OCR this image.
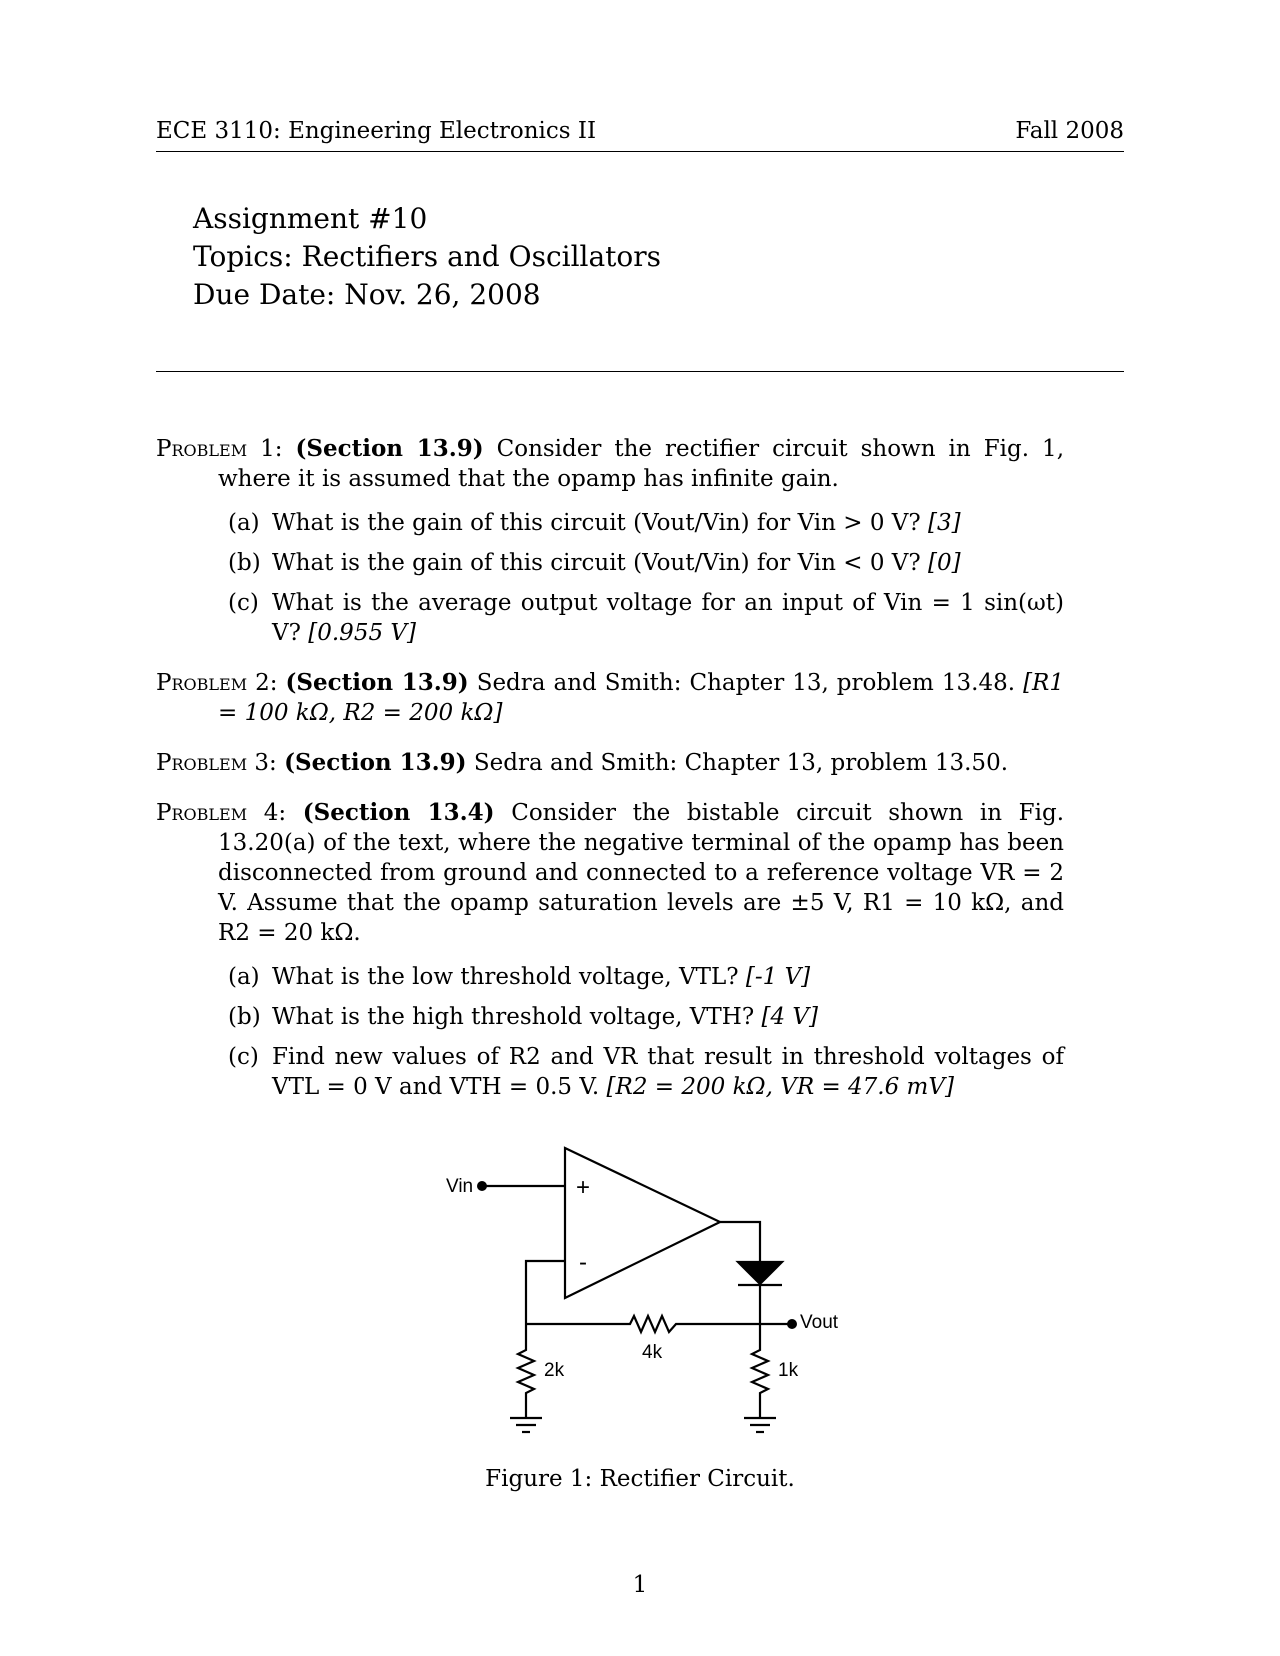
ECE 3110: Engineering Electronics II	Fall 2008
Assignment #10
Topics: Rectifiers and Oscillators
Due Date: Nov. 26, 2008
Problem 1: (Section 13.9) Consider the rectifier circuit shown in Fig. 1, where it is assumed that the opamp has infinite gain.
(a) What is the gain of this circuit (Vout/Vin) for Vin > 0 V? [3]
(b) What is the gain of this circuit (Vout/Vin) for Vin < 0 V? [0]
(c) What is the average output voltage for an input of Vin = 1 sin(ωt) V? [0.955 V]
Problem 2: (Section 13.9) Sedra and Smith: Chapter 13, problem 13.48. [R1 = 100 kΩ, R2 = 200 kΩ]
Problem 3: (Section 13.9) Sedra and Smith: Chapter 13, problem 13.50.
Problem 4: (Section 13.4) Consider the bistable circuit shown in Fig. 13.20(a) of the text, where the negative terminal of the opamp has been disconnected from ground and connected to a reference voltage VR = 2 V. Assume that the opamp saturation levels are ±5 V, R1 = 10 kΩ, and R2 = 20 kΩ.
(a) What is the low threshold voltage, VTL? [-1 V]
(b) What is the high threshold voltage, VTH? [4 V]
(c) Find new values of R2 and VR that result in threshold voltages of VTL = 0 V and VTH = 0.5 V. [R2 = 200 kΩ, VR = 47.6 mV]
+
-
Vin
Vout
2k
4k
1k
Figure 1: Rectifier Circuit.
1
